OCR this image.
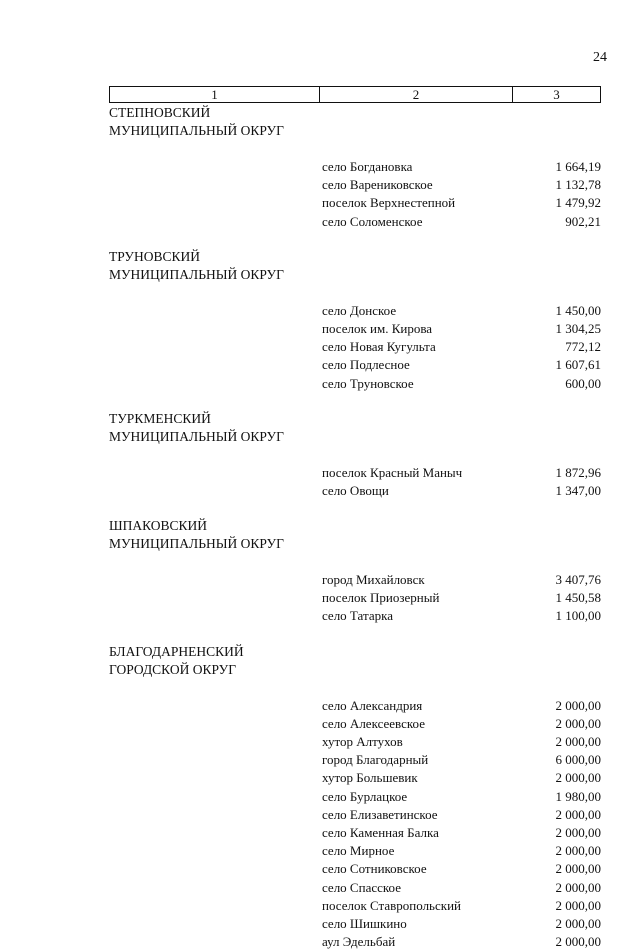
24
1	2	3
СТЕПНОВСКИЙ
МУНИЦИПАЛЬНЫЙ ОКРУГ
село Богдановка	1 664,19
село Варениковское	1 132,78
поселок Верхнестепной	1 479,92
село Соломенское	902,21
ТРУНОВСКИЙ
МУНИЦИПАЛЬНЫЙ ОКРУГ
село Донское	1 450,00
поселок им. Кирова	1 304,25
село Новая Кугульта	772,12
село Подлесное	1 607,61
село Труновское	600,00
ТУРКМЕНСКИЙ
МУНИЦИПАЛЬНЫЙ ОКРУГ
поселок Красный Маныч	1 872,96
село Овощи	1 347,00
ШПАКОВСКИЙ
МУНИЦИПАЛЬНЫЙ ОКРУГ
город Михайловск	3 407,76
поселок Приозерный	1 450,58
село Татарка	1 100,00
БЛАГОДАРНЕНСКИЙ
ГОРОДСКОЙ ОКРУГ
село Александрия	2 000,00
село Алексеевское	2 000,00
хутор Алтухов	2 000,00
город Благодарный	6 000,00
хутор Большевик	2 000,00
село Бурлацкое	1 980,00
село Елизаветинское	2 000,00
село Каменная Балка	2 000,00
село Мирное	2 000,00
село Сотниковское	2 000,00
село Спасское	2 000,00
поселок Ставропольский	2 000,00
село Шишкино	2 000,00
аул Эдельбай	2 000,00
